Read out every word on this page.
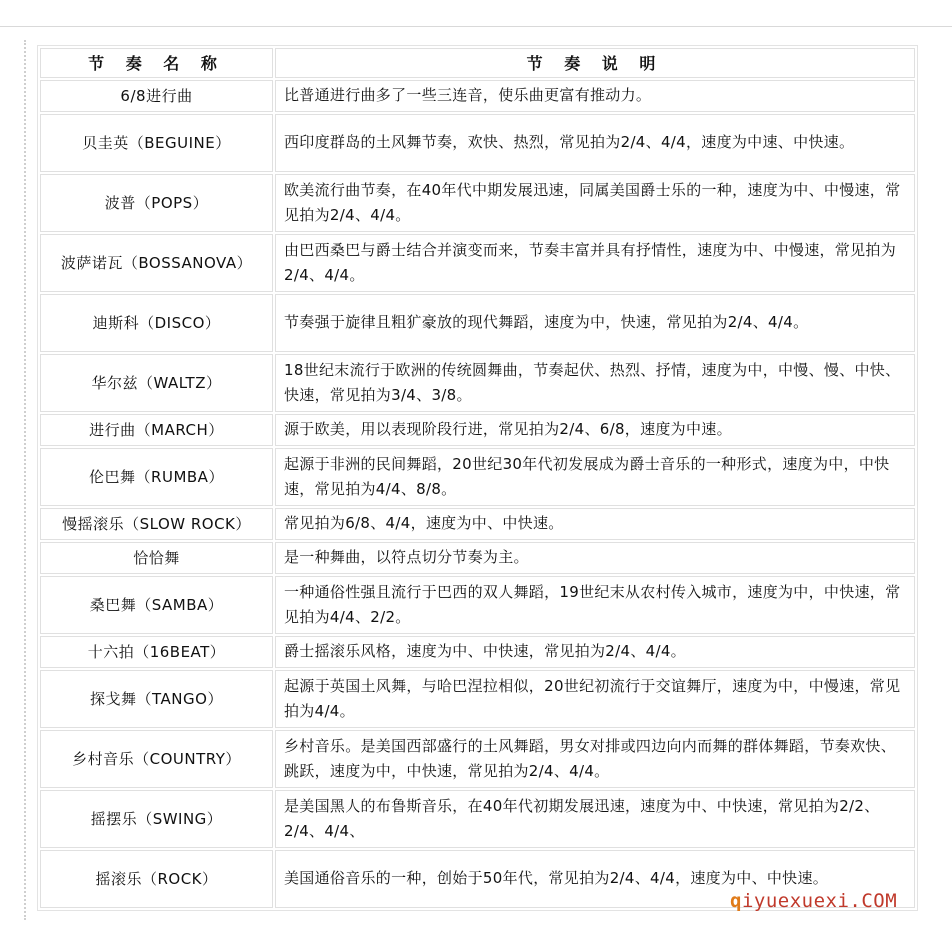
节 奏 名 称	节 奏 说 明
6/8进行曲	比普通进行曲多了一些三连音，使乐曲更富有推动力。
贝圭英（BEGUINE）	西印度群岛的土风舞节奏，欢快、热烈，常见拍为2/4、4/4，速度为中速、中快速。
波普（POPS）	欧美流行曲节奏，在40年代中期发展迅速，同属美国爵士乐的一种，速度为中、中慢速，常见拍为2/4、4/4。
波萨诺瓦（BOSSANOVA）	由巴西桑巴与爵士结合并演变而来，节奏丰富并具有抒情性，速度为中、中慢速，常见拍为2/4、4/4。
迪斯科（DISCO）	节奏强于旋律且粗犷豪放的现代舞蹈，速度为中，快速，常见拍为2/4、4/4。
华尔兹（WALTZ）	18世纪末流行于欧洲的传统圆舞曲，节奏起伏、热烈、抒情，速度为中，中慢、慢、中快、快速，常见拍为3/4、3/8。
进行曲（MARCH）	源于欧美，用以表现阶段行进，常见拍为2/4、6/8，速度为中速。
伦巴舞（RUMBA）	起源于非洲的民间舞蹈，20世纪30年代初发展成为爵士音乐的一种形式，速度为中，中快速，常见拍为4/4、8/8。
慢摇滚乐（SLOW ROCK）	常见拍为6/8、4/4，速度为中、中快速。
恰恰舞	是一种舞曲，以符点切分节奏为主。
桑巴舞（SAMBA）	一种通俗性强且流行于巴西的双人舞蹈，19世纪末从农村传入城市，速度为中，中快速，常见拍为4/4、2/2。
十六拍（16BEAT）	爵士摇滚乐风格，速度为中、中快速，常见拍为2/4、4/4。
探戈舞（TANGO）	起源于英国土风舞，与哈巴涅拉相似，20世纪初流行于交谊舞厅，速度为中，中慢速，常见拍为4/4。
乡村音乐（COUNTRY）	乡村音乐。是美国西部盛行的土风舞蹈，男女对排或四边向内而舞的群体舞蹈，节奏欢快、跳跃，速度为中，中快速，常见拍为2/4、4/4。
摇摆乐（SWING）	是美国黑人的布鲁斯音乐，在40年代初期发展迅速，速度为中、中快速，常见拍为2/2、2/4、4/4、
摇滚乐（ROCK）	美国通俗音乐的一种，创始于50年代，常见拍为2/4、4/4，速度为中、中快速。
qiyuexuexi.COM
